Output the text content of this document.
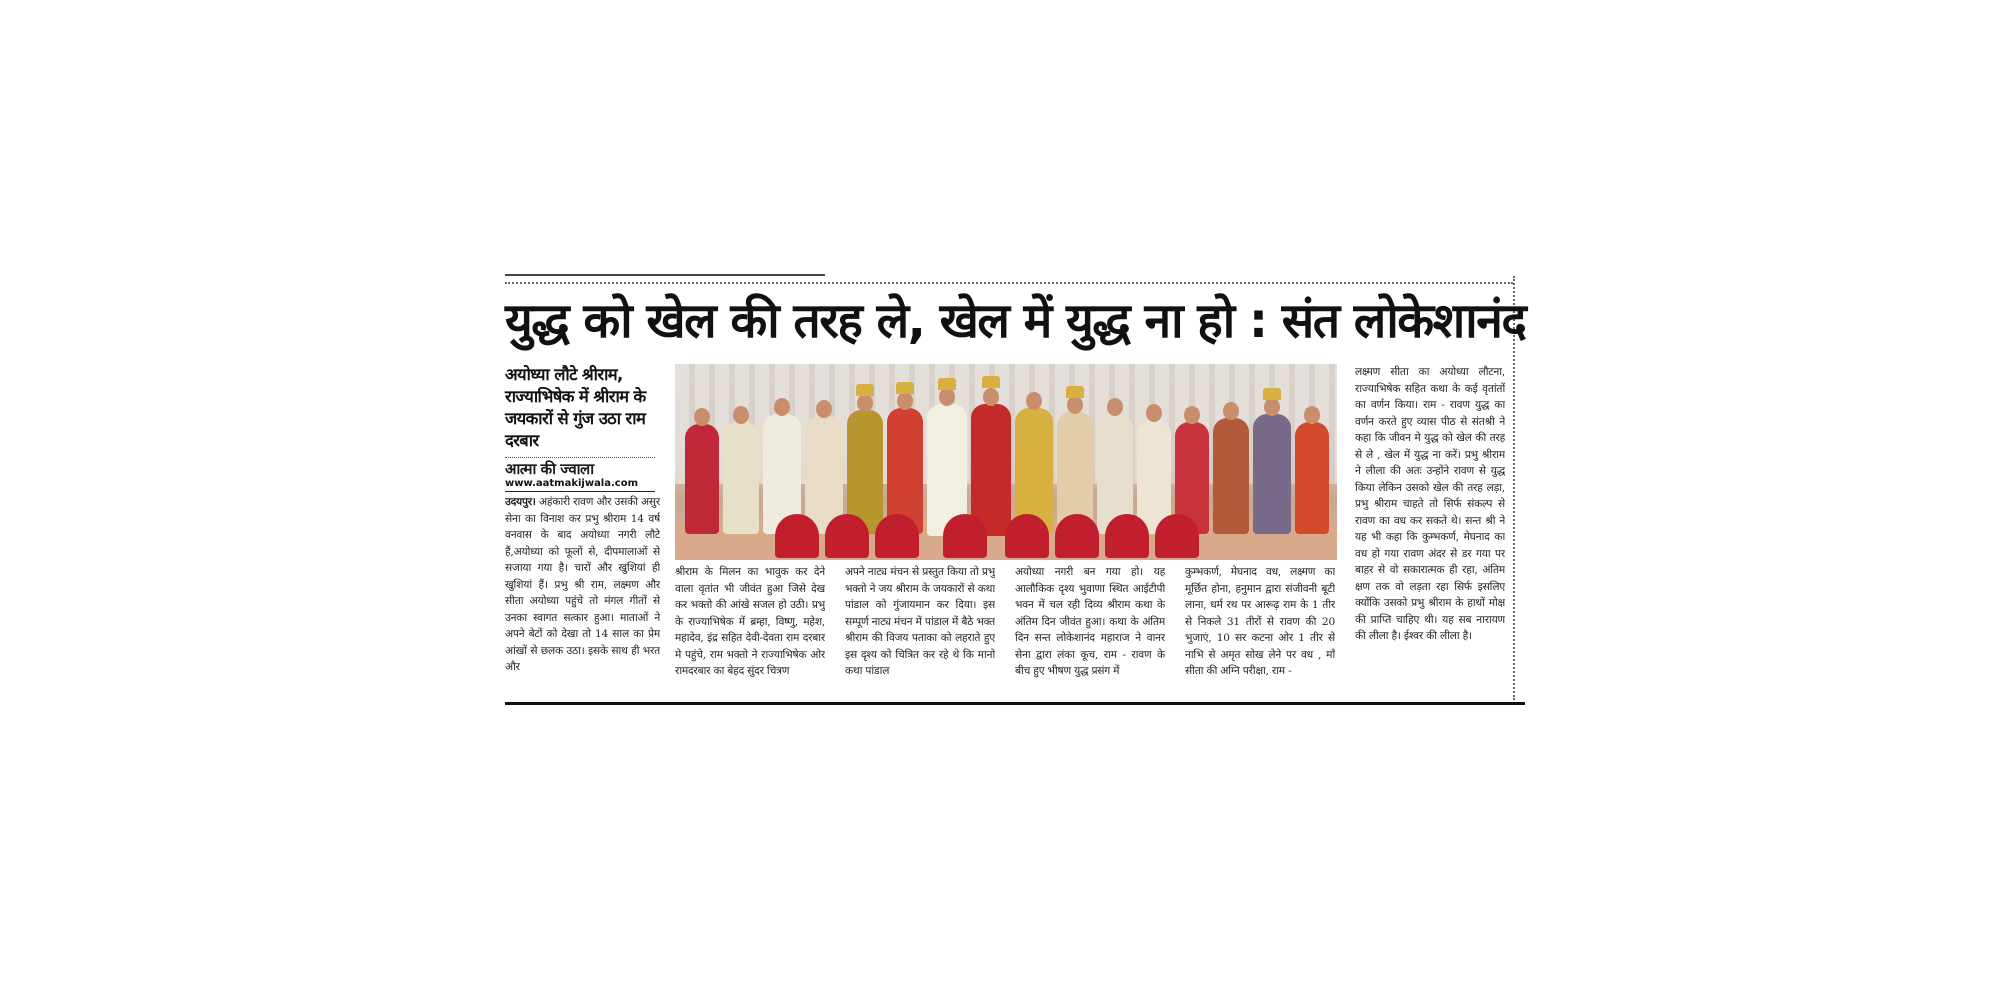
युद्ध को खेल की तरह ले, खेल में युद्ध ना हो : संत लोकेशानंद
अयोध्या लौटे श्रीराम, राज्याभिषेक में श्रीराम के जयकारों से गुंज उठा राम दरबार
आत्मा की ज्वाला
www.aatmakijwala.com
उदयपुर। अहंकारी रावण और उसकी असुर सेना का विनाश कर प्रभु श्रीराम 14 वर्ष वनवास के बाद अयोध्या नगरी लौटे हैं,अयोध्या को फूलों से, दीपमालाओं से सजाया गया है। चारों और खुशियां ही खुशियां हैं। प्रभु श्री राम, लक्ष्मण और सीता अयोध्या पहुंचे तो मंगल गीतों से उनका स्वागत सत्कार हुआ। माताओं ने अपने बेटों को देखा तो 14 साल का प्रेम आंखों से छलक उठा। इसके साथ ही भरत और
श्रीराम के मिलन का भावुक कर देने वाला वृतांत भी जीवंत हुआ जिसे देख कर भक्तो की आंखे सजल हो उठी। प्रभु के राज्याभिषेक में ब्रम्हा, विष्णु, महेश, महादेव, इंद्र सहित देवी-देवता राम दरबार मे पहुंचे, राम भक्तो ने राज्याभिषेक ओर रामदरबार का बेहद सुंदर चित्रण
अपने नाट्य मंचन से प्रस्तुत किया तो प्रभु भक्तो ने जय श्रीराम के जयकारों से कथा पांडाल को गुंजायमान कर दिया। इस सम्पूर्ण नाट्य मंचन में पांडाल में बैठे भक्त श्रीराम की विजय पताका को लहराते हुए इस दृश्य को चित्रित कर रहे थे कि मानो कथा पांडाल
अयोध्या नगरी बन गया हो। यह आलौकिक दृश्य भुवाणा स्थित आईटीपी भवन में चल रही दिव्य श्रीराम कथा के अंतिम दिन जीवंत हुआ। कथा के अंतिम दिन सन्त लोकेशानंद महाराज ने वानर सेना द्वारा लंका कूच, राम - रावण के बीच हुए भीषण युद्ध प्रसंग में
कुम्भकर्ण, मेघनाद वध, लक्ष्मण का मूर्छित होना, हनुमान द्वारा संजीवनी बूटी लाना, धर्म रथ पर आरूढ़ राम के 1 तीर से निकले 31 तीरों से रावण की 20 भुजाएं, 10 सर कटना ओर 1 तीर से नाभि से अमृत सोख लेने पर वध , माँ सीता की अग्नि परीक्षा, राम -
लक्ष्मण सीता का अयोध्या लौटना, राज्याभिषेक सहित कथा के कई वृतांतों का वर्णन किया। राम - रावण युद्ध का वर्णन करते हुए व्यास पीठ से संतश्री ने कहा कि जीवन मे युद्ध को खेल की तरह से ले , खेल में युद्ध ना करें। प्रभु श्रीराम ने लीला की अतः उन्होंने रावण से युद्ध किया लेकिन उसको खेल की तरह लड़ा, प्रभु श्रीराम चाहते तो सिर्फ संकल्प से रावण का वध कर सकते थे। सन्त श्री ने यह भी कहा कि कुम्भकर्ण, मेघनाद का वध हो गया रावण अंदर से डर गया पर बाहर से वो सकारात्मक ही रहा, अंतिम क्षण तक वो लड़ता रहा सिर्फ इसलिए क्योंकि उसको प्रभु श्रीराम के हाथों मोक्ष की प्राप्ति चाहिए थी। यह सब नारायण की लीला है। ईश्वर की लीला है।
